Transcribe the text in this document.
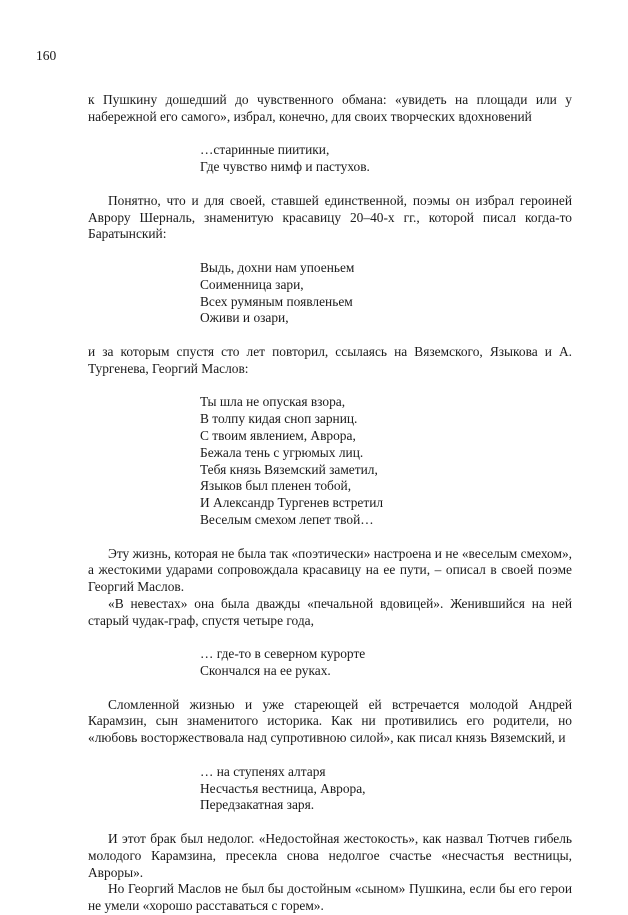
160

к Пушкину дошедший до чувственного обмана: «увидеть на площади или у набережной его самого», избрал, конечно, для своих творческих вдохновений

…старинные пиитики,
Где чувство нимф и пастухов.

Понятно, что и для своей, ставшей единственной, поэмы он избрал героиней Аврору Шерналь, знаменитую красавицу 20–40-х гг., которой писал когда-то Баратынский:

Выдь, дохни нам упоеньем
Соименница зари,
Всех румяным появленьем
Оживи и озари,

и за которым спустя сто лет повторил, ссылаясь на Вяземского, Языкова и А. Тургенева, Георгий Маслов:

Ты шла не опуская взора,
В толпу кидая сноп зарниц.
С твоим явлением, Аврора,
Бежала тень с угрюмых лиц.
Тебя князь Вяземский заметил,
Языков был пленен тобой,
И Александр Тургенев встретил
Веселым смехом лепет твой…

Эту жизнь, которая не была так «поэтически» настроена и не «веселым смехом», а жестокими ударами сопровождала красавицу на ее пути, – описал в своей поэме Георгий Маслов.

«В невестах» она была дважды «печальной вдовицей». Женившийся на ней старый чудак-граф, спустя четыре года,

… где-то в северном курорте
Скончался на ее руках.

Сломленной жизнью и уже стареющей ей встречается молодой Андрей Карамзин, сын знаменитого историка. Как ни противились его родители, но «любовь восторжествовала над супротивною силой», как писал князь Вяземский, и

… на ступенях алтаря
Несчастья вестница, Аврора,
Передзакатная заря.

И этот брак был недолог. «Недостойная жестокость», как назвал Тютчев гибель молодого Карамзина, пресекла снова недолгое счастье «несчастья вестницы, Авроры».

Но Георгий Маслов не был бы достойным «сыном» Пушкина, если бы его герои не умели «хорошо расставаться с горем».
